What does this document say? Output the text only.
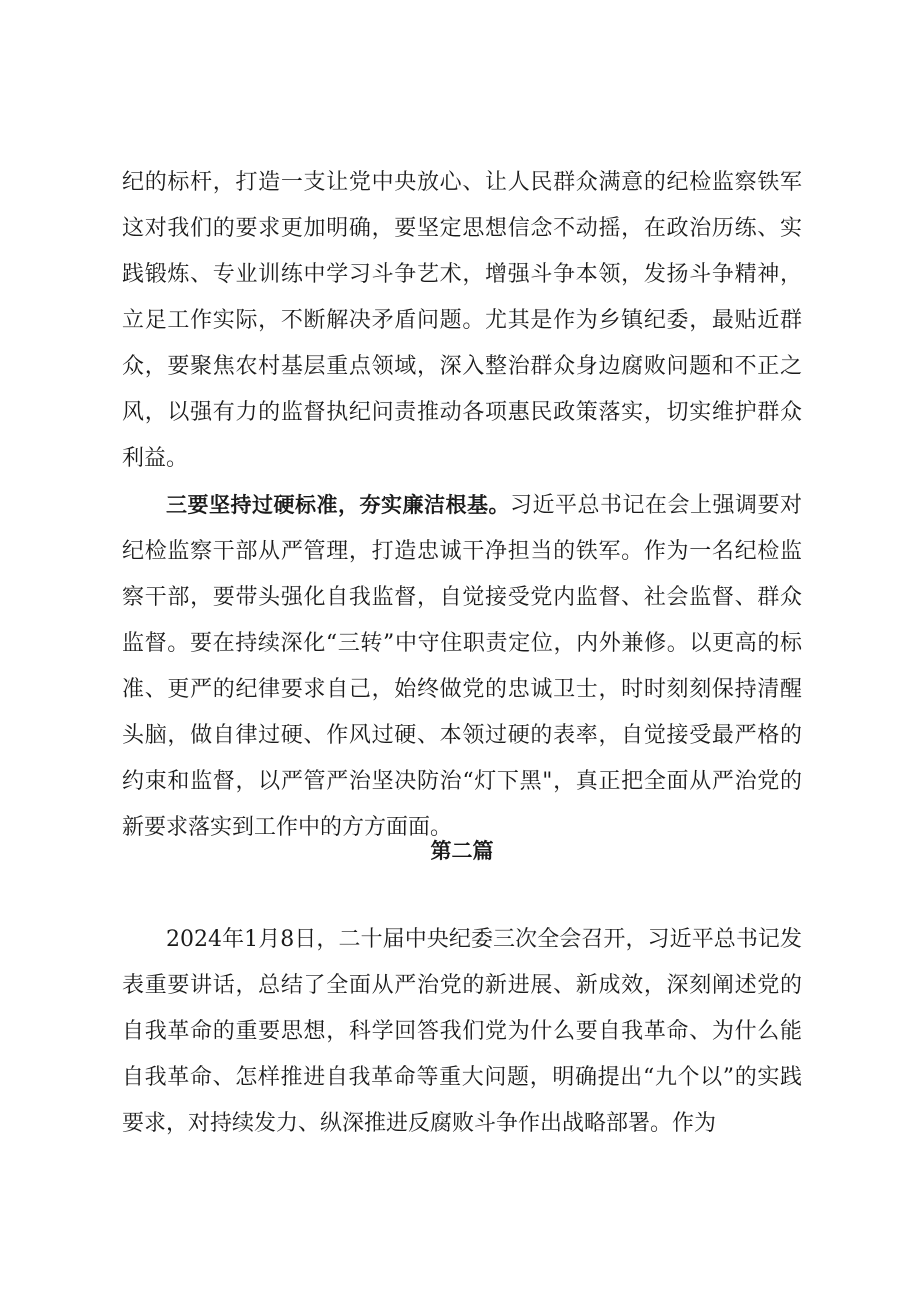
纪的标杆，打造一支让党中央放心、让人民群众满意的纪检监察铁军这对我们的要求更加明确，要坚定思想信念不动摇，在政治历练、实践锻炼、专业训练中学习斗争艺术，增强斗争本领，发扬斗争精神，立足工作实际，不断解决矛盾问题。尤其是作为乡镇纪委，最贴近群众，要聚焦农村基层重点领域，深入整治群众身边腐败问题和不正之风，以强有力的监督执纪问责推动各项惠民政策落实，切实维护群众利益。

三要坚持过硬标准，夯实廉洁根基。习近平总书记在会上强调要对纪检监察干部从严管理，打造忠诚干净担当的铁军。作为一名纪检监察干部，要带头强化自我监督，自觉接受党内监督、社会监督、群众监督。要在持续深化“三转”中守住职责定位，内外兼修。以更高的标准、更严的纪律要求自己，始终做党的忠诚卫士，时时刻刻保持清醒头脑，做自律过硬、作风过硬、本领过硬的表率，自觉接受最严格的约束和监督，以严管严治坚决防治“灯下黑"，真正把全面从严治党的新要求落实到工作中的方方面面。

第二篇

2024年1月8日，二十届中央纪委三次全会召开，习近平总书记发表重要讲话，总结了全面从严治党的新进展、新成效，深刻阐述党的自我革命的重要思想，科学回答我们党为什么要自我革命、为什么能自我革命、怎样推进自我革命等重大问题，明确提出“九个以”的实践要求，对持续发力、纵深推进反腐败斗争作出战略部署。作为
